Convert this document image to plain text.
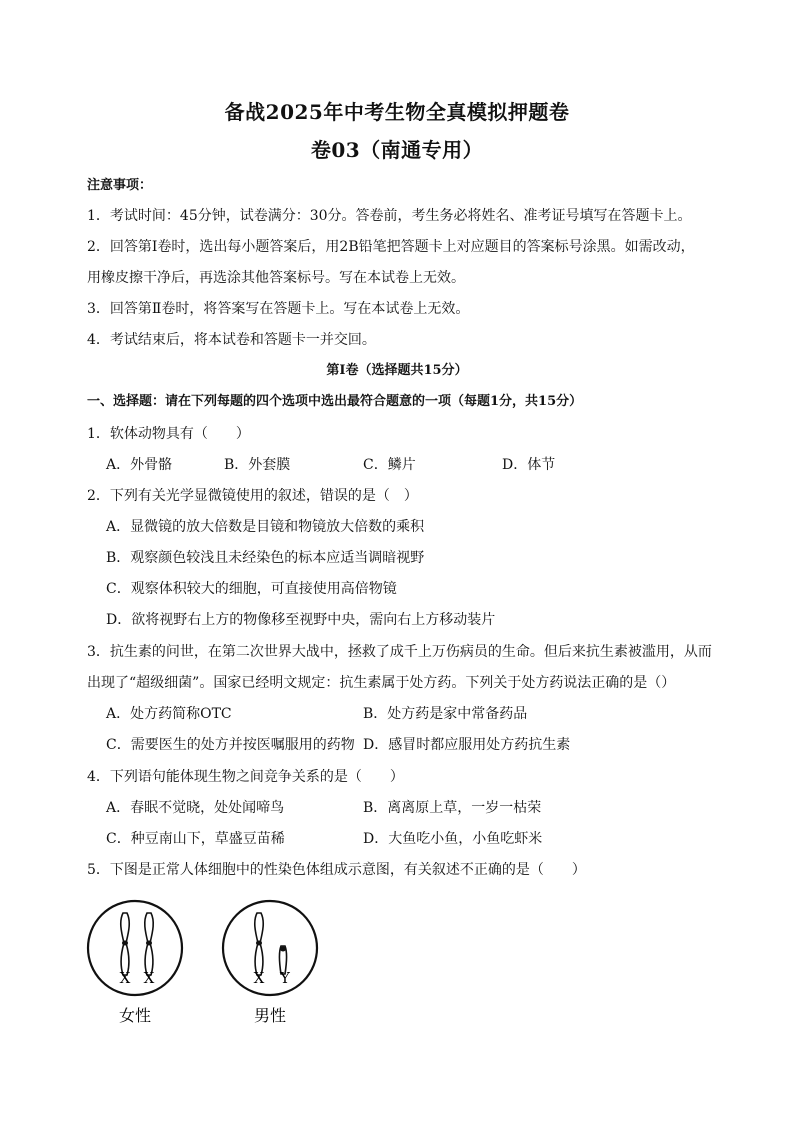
备战2025年中考生物全真模拟押题卷
卷03（南通专用）
注意事项：
1．考试时间：45分钟，试卷满分：30分。答卷前，考生务必将姓名、准考证号填写在答题卡上。
2．回答第Ⅰ卷时，选出每小题答案后，用2B铅笔把答题卡上对应题目的答案标号涂黑。如需改动，
用橡皮擦干净后，再选涂其他答案标号。写在本试卷上无效。
3．回答第Ⅱ卷时，将答案写在答题卡上。写在本试卷上无效。
4．考试结束后，将本试卷和答题卡一并交回。
第Ⅰ卷（选择题共15分）
一、选择题：请在下列每题的四个选项中选出最符合题意的一项（每题1分，共15分）
1．软体动物具有（　　）
A．外骨骼	B．外套膜	C．鳞片	D．体节
2．下列有关光学显微镜使用的叙述，错误的是（　）
A．显微镜的放大倍数是目镜和物镜放大倍数的乘积
B．观察颜色较浅且未经染色的标本应适当调暗视野
C．观察体积较大的细胞，可直接使用高倍物镜
D．欲将视野右上方的物像移至视野中央，需向右上方移动装片
3．抗生素的问世，在第二次世界大战中，拯救了成千上万伤病员的生命。但后来抗生素被滥用，从而
出现了“超级细菌”。国家已经明文规定：抗生素属于处方药。下列关于处方药说法正确的是（）
A．处方药简称OTC	B．处方药是家中常备药品
C．需要医生的处方并按医嘱服用的药物 D．感冒时都应服用处方药抗生素
4．下列语句能体现生物之间竞争关系的是（　　）
A．春眠不觉晓，处处闻啼鸟	B．离离原上草，一岁一枯荣
C．种豆南山下，草盛豆苗稀	D．大鱼吃小鱼，小鱼吃虾米
5．下图是正常人体细胞中的性染色体组成示意图，有关叙述不正确的是（　　）
X X
女性
X Y
男性
